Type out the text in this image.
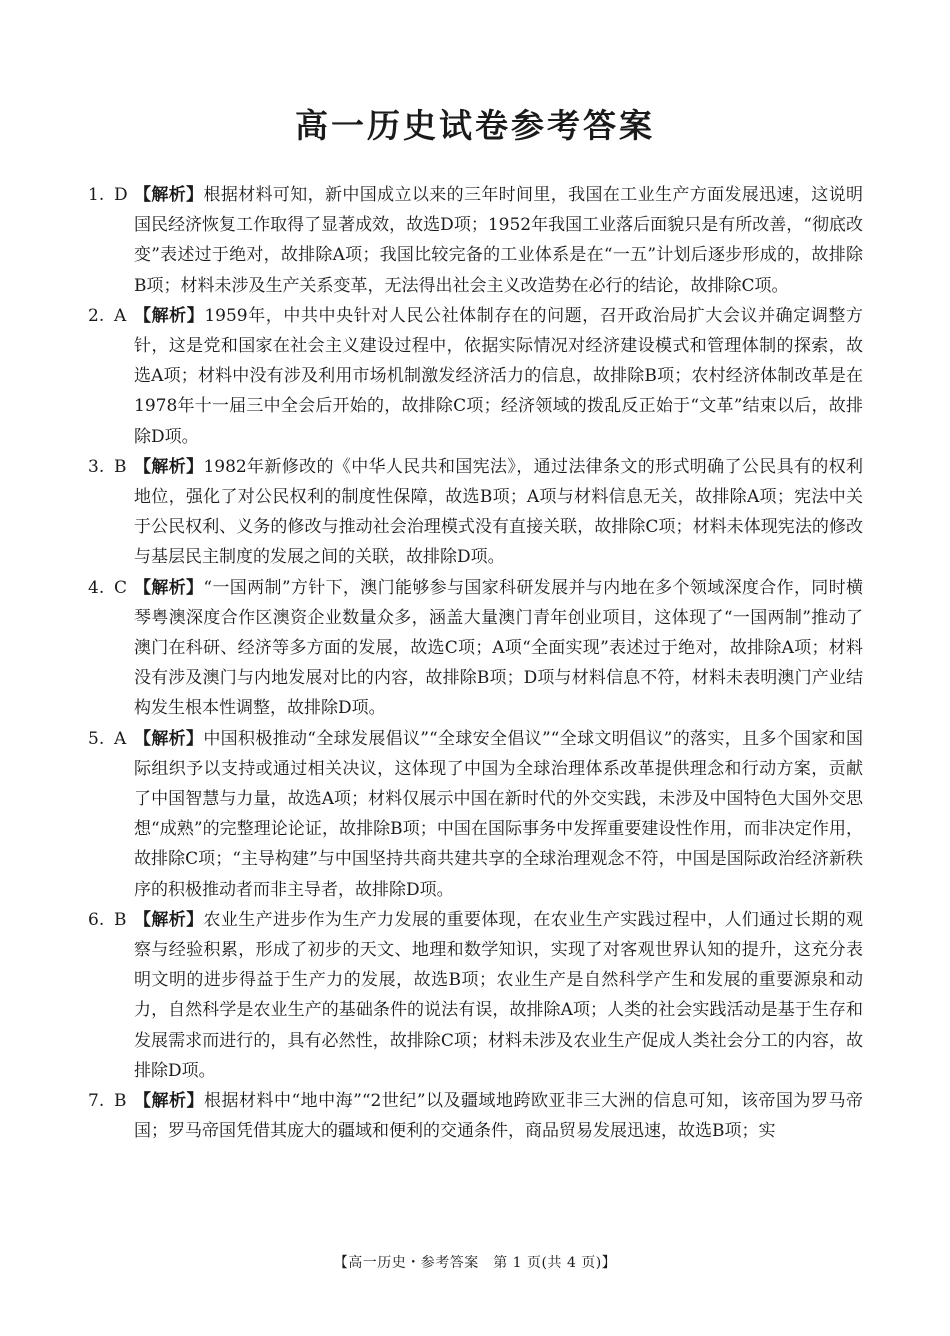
高一历史试卷参考答案
1. D 【解析】根据材料可知，新中国成立以来的三年时间里，我国在工业生产方面发展迅速，这说明国民经济恢复工作取得了显著成效，故选D项；1952年我国工业落后面貌只是有所改善，“彻底改变”表述过于绝对，故排除A项；我国比较完备的工业体系是在“一五”计划后逐步形成的，故排除B项；材料未涉及生产关系变革，无法得出社会主义改造势在必行的结论，故排除C项。
2. A 【解析】1959年，中共中央针对人民公社体制存在的问题，召开政治局扩大会议并确定调整方针，这是党和国家在社会主义建设过程中，依据实际情况对经济建设模式和管理体制的探索，故选A项；材料中没有涉及利用市场机制激发经济活力的信息，故排除B项；农村经济体制改革是在1978年十一届三中全会后开始的，故排除C项；经济领域的拨乱反正始于“文革”结束以后，故排除D项。
3. B 【解析】1982年新修改的《中华人民共和国宪法》，通过法律条文的形式明确了公民具有的权利地位，强化了对公民权利的制度性保障，故选B项；A项与材料信息无关，故排除A项；宪法中关于公民权利、义务的修改与推动社会治理模式没有直接关联，故排除C项；材料未体现宪法的修改与基层民主制度的发展之间的关联，故排除D项。
4. C 【解析】“一国两制”方针下，澳门能够参与国家科研发展并与内地在多个领域深度合作，同时横琴粤澳深度合作区澳资企业数量众多，涵盖大量澳门青年创业项目，这体现了“一国两制”推动了澳门在科研、经济等多方面的发展，故选C项；A项“全面实现”表述过于绝对，故排除A项；材料没有涉及澳门与内地发展对比的内容，故排除B项；D项与材料信息不符，材料未表明澳门产业结构发生根本性调整，故排除D项。
5. A 【解析】中国积极推动“全球发展倡议”“全球安全倡议”“全球文明倡议”的落实，且多个国家和国际组织予以支持或通过相关决议，这体现了中国为全球治理体系改革提供理念和行动方案，贡献了中国智慧与力量，故选A项；材料仅展示中国在新时代的外交实践，未涉及中国特色大国外交思想“成熟”的完整理论论证，故排除B项；中国在国际事务中发挥重要建设性作用，而非决定作用，故排除C项；“主导构建”与中国坚持共商共建共享的全球治理观念不符，中国是国际政治经济新秩序的积极推动者而非主导者，故排除D项。
6. B 【解析】农业生产进步作为生产力发展的重要体现，在农业生产实践过程中，人们通过长期的观察与经验积累，形成了初步的天文、地理和数学知识，实现了对客观世界认知的提升，这充分表明文明的进步得益于生产力的发展，故选B项；农业生产是自然科学产生和发展的重要源泉和动力，自然科学是农业生产的基础条件的说法有误，故排除A项；人类的社会实践活动是基于生存和发展需求而进行的，具有必然性，故排除C项；材料未涉及农业生产促成人类社会分工的内容，故排除D项。
7. B 【解析】根据材料中“地中海”“2世纪”以及疆域地跨欧亚非三大洲的信息可知，该帝国为罗马帝国；罗马帝国凭借其庞大的疆域和便利的交通条件，商品贸易发展迅速，故选B项；实
【高一历史・参考答案　第 1 页(共 4 页)】
